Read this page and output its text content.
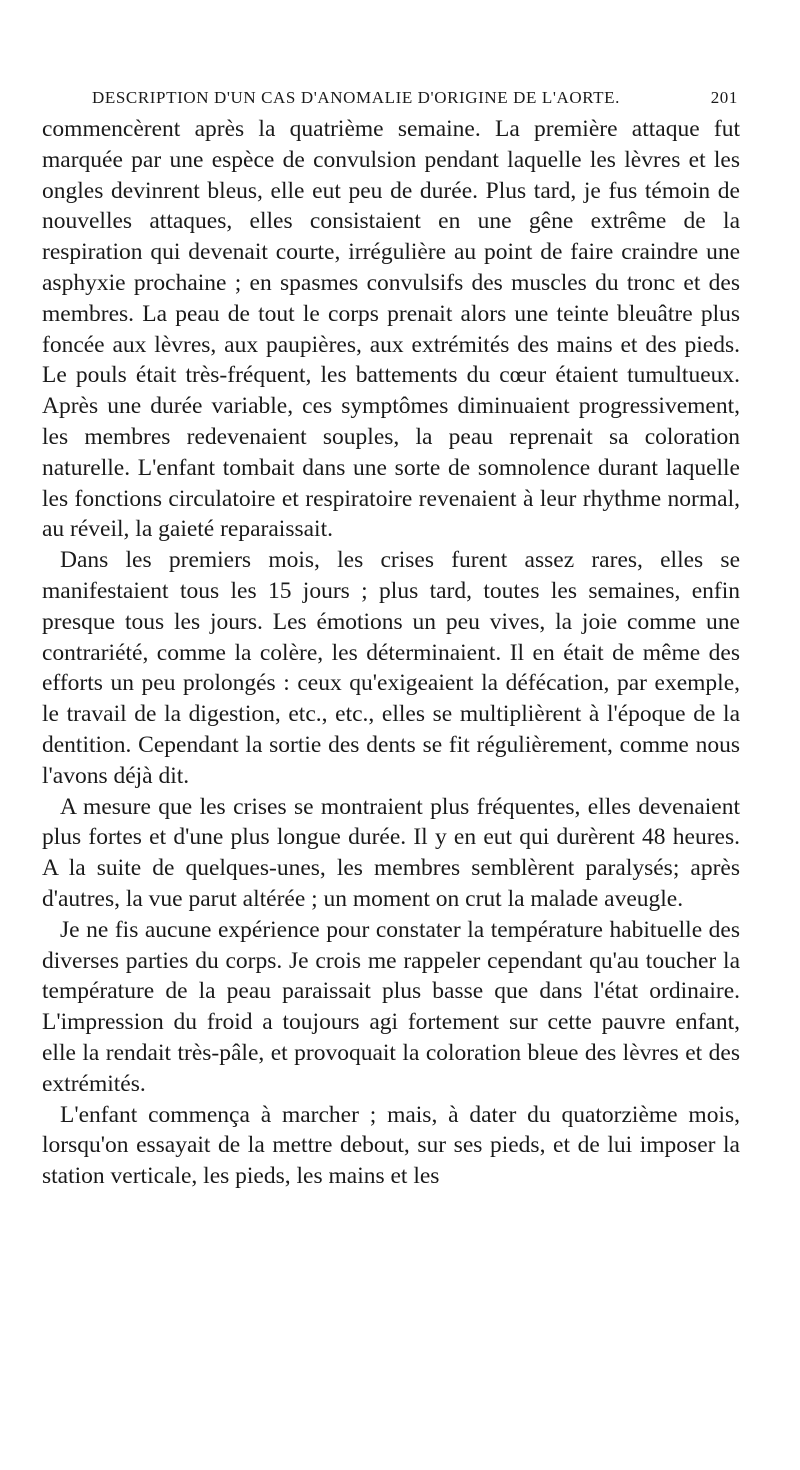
DESCRIPTION D'UN CAS D'ANOMALIE D'ORIGINE DE L'AORTE.	201

commencèrent après la quatrième semaine. La première attaque fut marquée par une espèce de convulsion pendant laquelle les lèvres et les ongles devinrent bleus, elle eut peu de durée. Plus tard, je fus témoin de nouvelles attaques, elles consistaient en une gêne extrême de la respiration qui devenait courte, irrégulière au point de faire craindre une asphyxie prochaine ; en spasmes convulsifs des muscles du tronc et des membres. La peau de tout le corps prenait alors une teinte bleuâtre plus foncée aux lèvres, aux paupières, aux extrémités des mains et des pieds. Le pouls était très-fréquent, les battements du cœur étaient tumultueux. Après une durée variable, ces symptômes diminuaient progressivement, les membres redevenaient souples, la peau reprenait sa coloration naturelle. L'enfant tombait dans une sorte de somnolence durant laquelle les fonctions circulatoire et respiratoire revenaient à leur rhythme normal, au réveil, la gaieté reparaissait.

Dans les premiers mois, les crises furent assez rares, elles se manifestaient tous les 15 jours ; plus tard, toutes les semaines, enfin presque tous les jours. Les émotions un peu vives, la joie comme une contrariété, comme la colère, les déterminaient. Il en était de même des efforts un peu prolongés : ceux qu'exigeaient la défécation, par exemple, le travail de la digestion, etc., etc., elles se multiplièrent à l'époque de la dentition. Cependant la sortie des dents se fit régulièrement, comme nous l'avons déjà dit.

A mesure que les crises se montraient plus fréquentes, elles devenaient plus fortes et d'une plus longue durée. Il y en eut qui durèrent 48 heures. A la suite de quelques-unes, les membres semblèrent paralysés; après d'autres, la vue parut altérée ; un moment on crut la malade aveugle.

Je ne fis aucune expérience pour constater la température habituelle des diverses parties du corps. Je crois me rappeler cependant qu'au toucher la température de la peau paraissait plus basse que dans l'état ordinaire. L'impression du froid a toujours agi fortement sur cette pauvre enfant, elle la rendait très-pâle, et provoquait la coloration bleue des lèvres et des extrémités.

L'enfant commença à marcher ; mais, à dater du quatorzième mois, lorsqu'on essayait de la mettre debout, sur ses pieds, et de lui imposer la station verticale, les pieds, les mains et les
